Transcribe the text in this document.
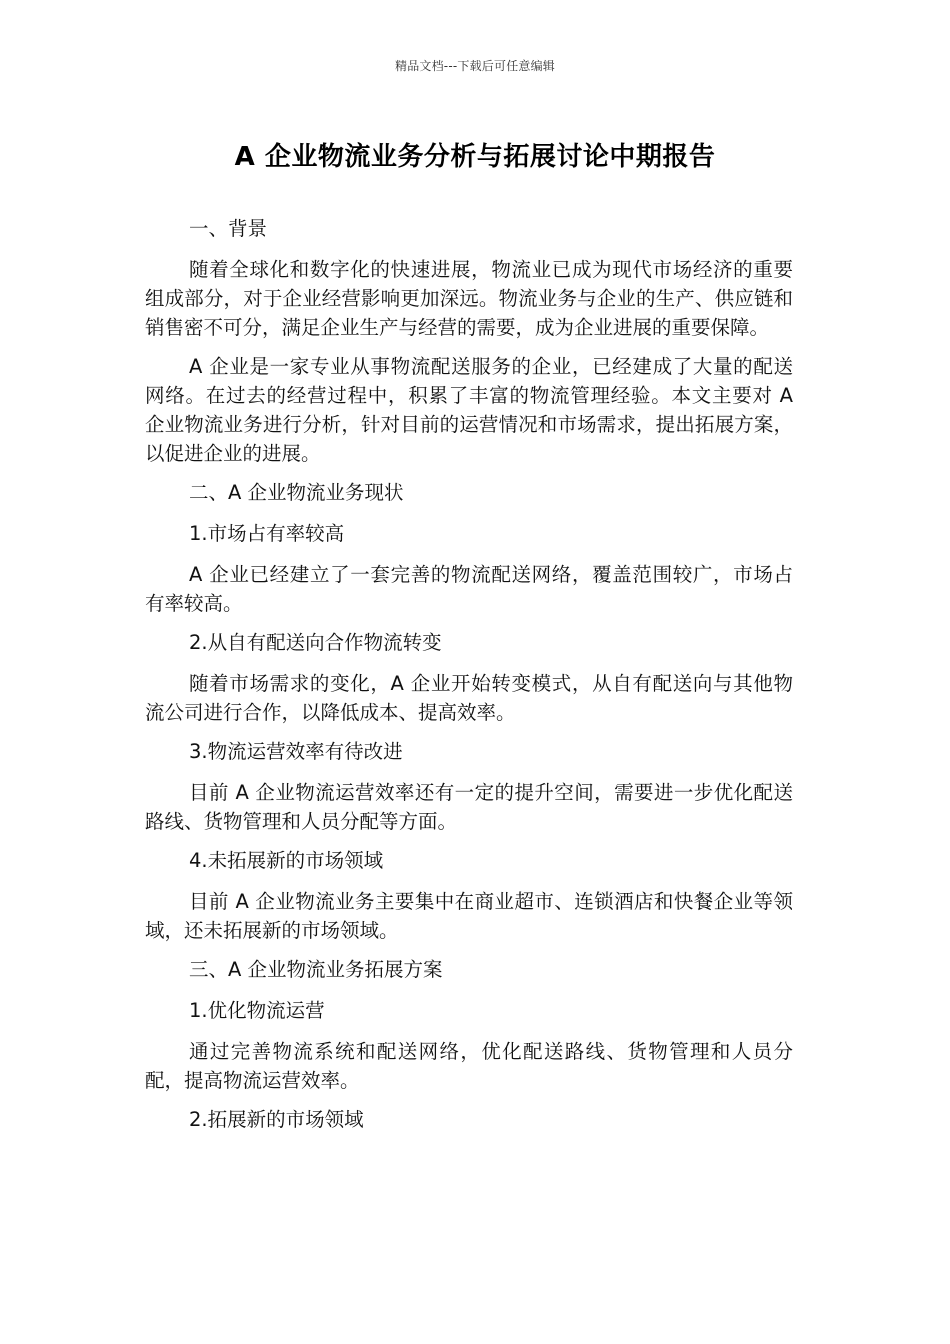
精品文档---下载后可任意编辑
A 企业物流业务分析与拓展讨论中期报告

一、背景

随着全球化和数字化的快速进展，物流业已成为现代市场经济的重要组成部分，对于企业经营影响更加深远。物流业务与企业的生产、供应链和销售密不可分，满足企业生产与经营的需要，成为企业进展的重要保障。

A 企业是一家专业从事物流配送服务的企业，已经建成了大量的配送网络。在过去的经营过程中，积累了丰富的物流管理经验。本文主要对 A 企业物流业务进行分析，针对目前的运营情况和市场需求，提出拓展方案，以促进企业的进展。

二、A 企业物流业务现状

1.市场占有率较高

A 企业已经建立了一套完善的物流配送网络，覆盖范围较广，市场占有率较高。

2.从自有配送向合作物流转变

随着市场需求的变化，A 企业开始转变模式，从自有配送向与其他物流公司进行合作，以降低成本、提高效率。

3.物流运营效率有待改进

目前 A 企业物流运营效率还有一定的提升空间，需要进一步优化配送路线、货物管理和人员分配等方面。

4.未拓展新的市场领域

目前 A 企业物流业务主要集中在商业超市、连锁酒店和快餐企业等领域，还未拓展新的市场领域。

三、A 企业物流业务拓展方案

1.优化物流运营

通过完善物流系统和配送网络，优化配送路线、货物管理和人员分配，提高物流运营效率。

2.拓展新的市场领域
